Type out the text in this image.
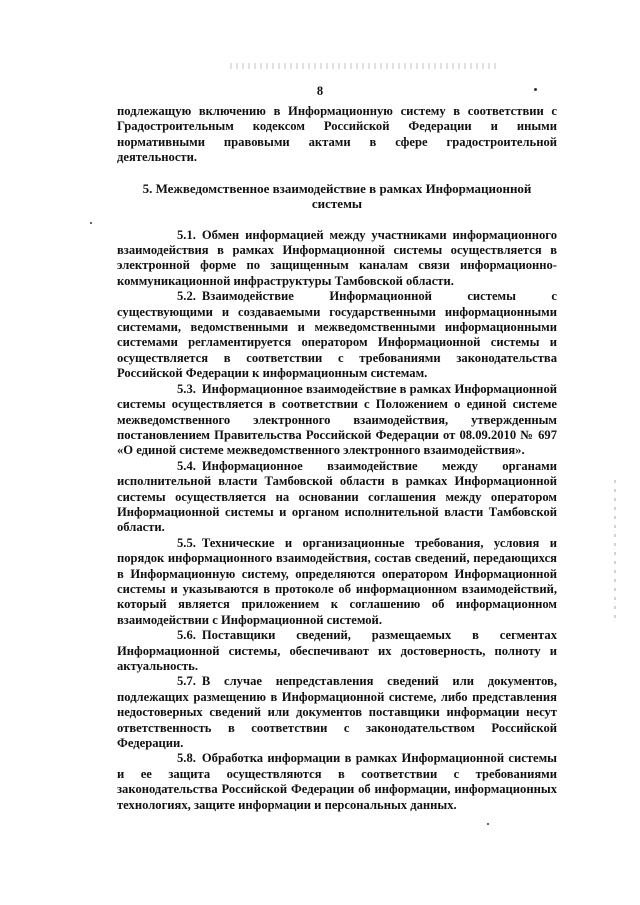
8

подлежащую включению в Информационную систему в соответствии с Градостроительным кодексом Российской Федерации и иными нормативными правовыми актами в сфере градостроительной деятельности.

5. Межведомственное взаимодействие в рамках Информационной системы

5.1. Обмен информацией между участниками информационного взаимодействия в рамках Информационной системы осуществляется в электронной форме по защищенным каналам связи информационно-коммуникационной инфраструктуры Тамбовской области.

5.2. Взаимодействие Информационной системы с существующими и создаваемыми государственными информационными системами, ведомственными и межведомственными информационными системами регламентируется оператором Информационной системы и осуществляется в соответствии с требованиями законодательства Российской Федерации к информационным системам.

5.3. Информационное взаимодействие в рамках Информационной системы осуществляется в соответствии с Положением о единой системе межведомственного электронного взаимодействия, утвержденным постановлением Правительства Российской Федерации от 08.09.2010 № 697 «О единой системе межведомственного электронного взаимодействия».

5.4. Информационное взаимодействие между органами исполнительной власти Тамбовской области в рамках Информационной системы осуществляется на основании соглашения между оператором Информационной системы и органом исполнительной власти Тамбовской области.

5.5. Технические и организационные требования, условия и порядок информационного взаимодействия, состав сведений, передающихся в Информационную систему, определяются оператором Информационной системы и указываются в протоколе об информационном взаимодействий, который является приложением к соглашению об информационном взаимодействии с Информационной системой.

5.6. Поставщики сведений, размещаемых в сегментах Информационной системы, обеспечивают их достоверность, полноту и актуальность.

5.7. В случае непредставления сведений или документов, подлежащих размещению в Информационной системе, либо представления недостоверных сведений или документов поставщики информации несут ответственность в соответствии с законодательством Российской Федерации.

5.8. Обработка информации в рамках Информационной системы и ее защита осуществляются в соответствии с требованиями законодательства Российской Федерации об информации, информационных технологиях, защите информации и персональных данных.
